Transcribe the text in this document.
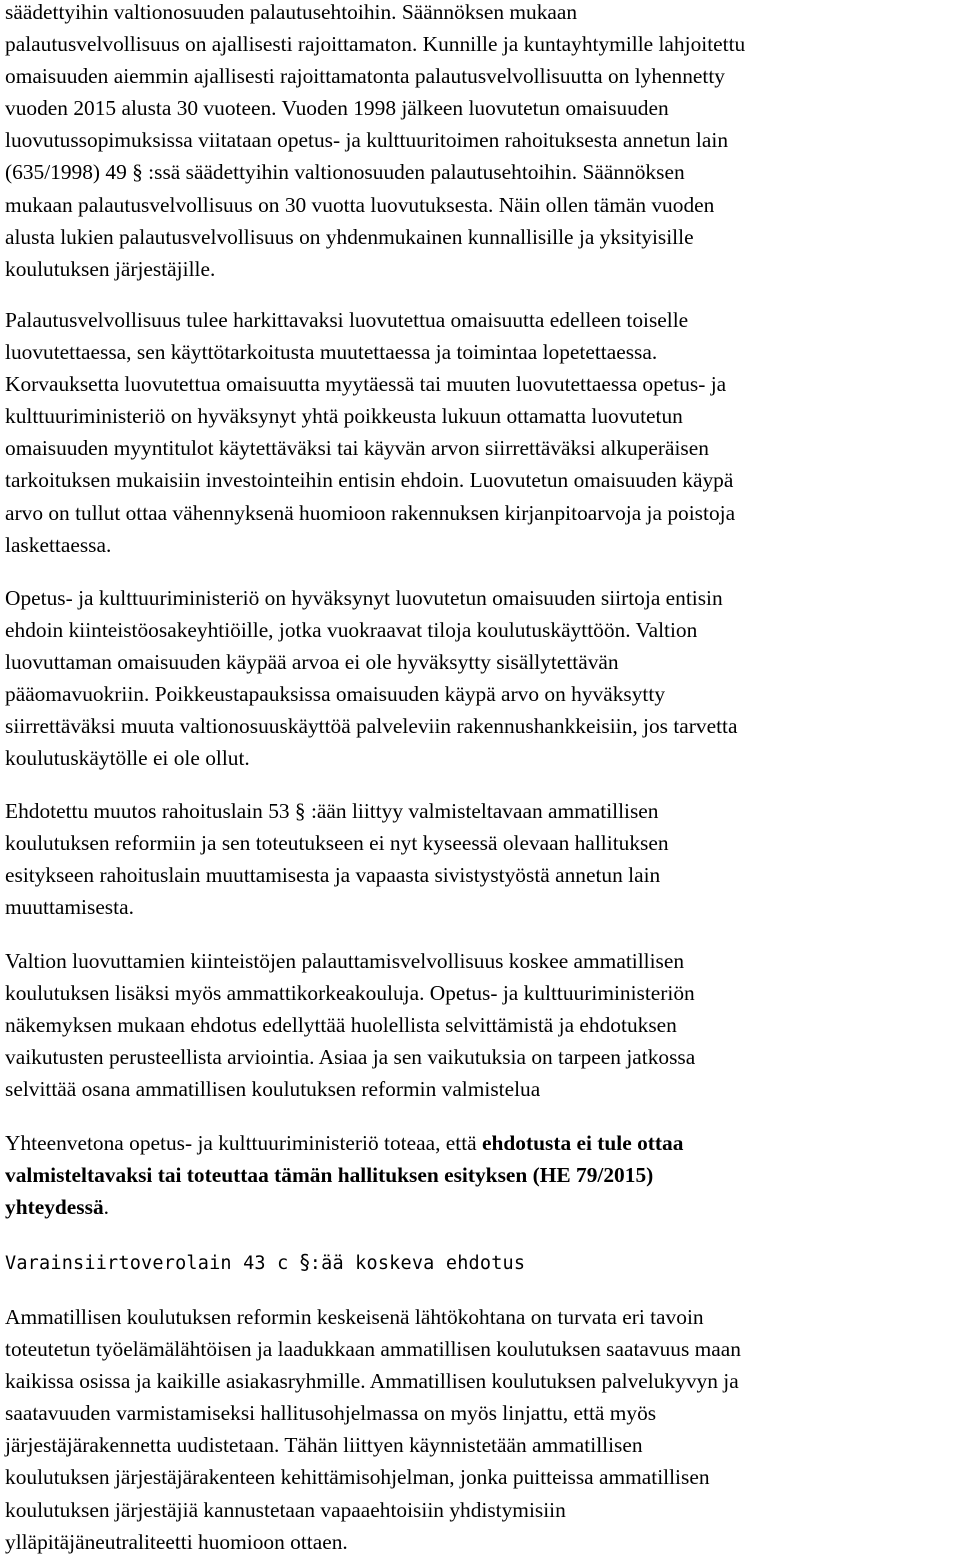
säädettyihin valtionosuuden palautusehtoihin. Säännöksen mukaan
palautusvelvollisuus on ajallisesti rajoittamaton. Kunnille ja kuntayhtymille lahjoitettu
omaisuuden aiemmin ajallisesti rajoittamatonta palautusvelvollisuutta on lyhennetty
vuoden 2015 alusta 30 vuoteen. Vuoden 1998 jälkeen luovutetun omaisuuden
luovutussopimuksissa viitataan opetus- ja kulttuuritoimen rahoituksesta annetun lain
(635/1998) 49 § :ssä säädettyihin valtionosuuden palautusehtoihin. Säännöksen
mukaan palautusvelvollisuus on 30 vuotta luovutuksesta. Näin ollen tämän vuoden
alusta lukien palautusvelvollisuus on yhdenmukainen kunnallisille ja yksityisille
koulutuksen järjestäjille.

Palautusvelvollisuus tulee harkittavaksi luovutettua omaisuutta edelleen toiselle
luovutettaessa, sen käyttötarkoitusta muutettaessa ja toimintaa lopetettaessa.
Korvauksetta luovutettua omaisuutta myytäessä tai muuten luovutettaessa opetus- ja
kulttuuriministeriö on hyväksynyt yhtä poikkeusta lukuun ottamatta luovutetun
omaisuuden myyntitulot käytettäväksi tai käyvän arvon siirrettäväksi alkuperäisen
tarkoituksen mukaisiin investointeihin entisin ehdoin. Luovutetun omaisuuden käypä
arvo on tullut ottaa vähennyksenä huomioon rakennuksen kirjanpitoarvoja ja poistoja
laskettaessa.

Opetus- ja kulttuuriministeriö on hyväksynyt luovutetun omaisuuden siirtoja entisin
ehdoin kiinteistöosakeyhtiöille, jotka vuokraavat tiloja koulutuskäyttöön. Valtion
luovuttaman omaisuuden käypää arvoa ei ole hyväksytty sisällytettävän
pääomavuokriin. Poikkeustapauksissa omaisuuden käypä arvo on hyväksytty
siirrettäväksi muuta valtionosuuskäyttöä palveleviin rakennushankkeisiin, jos tarvetta
koulutuskäytölle ei ole ollut.

Ehdotettu muutos rahoituslain 53 § :ään liittyy valmisteltavaan ammatillisen
koulutuksen reformiin ja sen toteutukseen ei nyt kyseessä olevaan hallituksen
esitykseen rahoituslain muuttamisesta ja vapaasta sivistystyöstä annetun lain
muuttamisesta.

Valtion luovuttamien kiinteistöjen palauttamisvelvollisuus koskee ammatillisen
koulutuksen lisäksi myös ammattikorkeakouluja. Opetus- ja kulttuuriministeriön
näkemyksen mukaan ehdotus edellyttää huolellista selvittämistä ja ehdotuksen
vaikutusten perusteellista arviointia. Asiaa ja sen vaikutuksia on tarpeen jatkossa
selvittää osana ammatillisen koulutuksen reformin valmistelua

Yhteenvetona opetus- ja kulttuuriministeriö toteaa, että ehdotusta ei tule ottaa
valmisteltavaksi tai toteuttaa tämän hallituksen esityksen (HE 79/2015)
yhteydessä.

Varainsiirtoverolain 43 c §:ää koskeva ehdotus

Ammatillisen koulutuksen reformin keskeisenä lähtökohtana on turvata eri tavoin
toteutetun työelämälähtöisen ja laadukkaan ammatillisen koulutuksen saatavuus maan
kaikissa osissa ja kaikille asiakasryhmille. Ammatillisen koulutuksen palvelukyvyn ja
saatavuuden varmistamiseksi hallitusohjelmassa on myös linjattu, että myös
järjestäjärakennetta uudistetaan. Tähän liittyen käynnistetään ammatillisen
koulutuksen järjestäjärakenteen kehittämisohjelman, jonka puitteissa ammatillisen
koulutuksen järjestäjiä kannustetaan vapaaehtoisiin yhdistymisiin
ylläpitäjäneutraliteetti huomioon ottaen.
